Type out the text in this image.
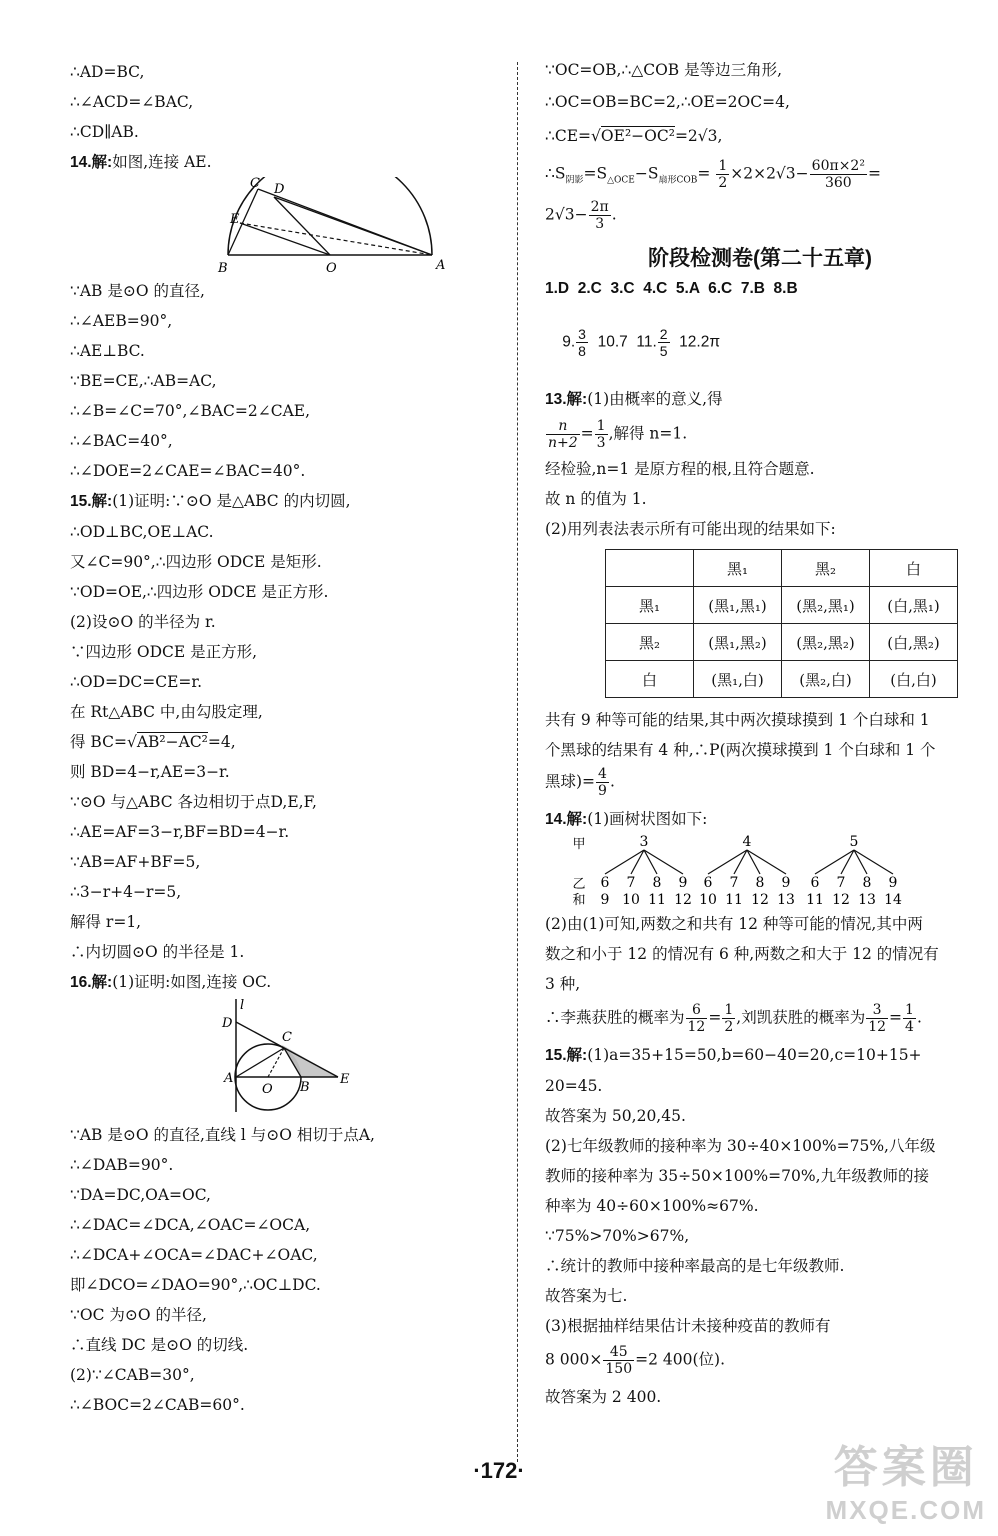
∴AD=BC,
∴∠ACD=∠BAC,
∴CD∥AB.
14.解:如图,连接 AE.
C D
E
B	O	A
∵AB 是⊙O 的直径,
∴∠AEB=90°,
∴AE⊥BC.
∵BE=CE,∴AB=AC,
∴∠B=∠C=70°,∠BAC=2∠CAE,
∴∠BAC=40°,
∴∠DOE=2∠CAE=∠BAC=40°.
15.解:(1)证明:∵⊙O 是△ABC 的内切圆,
∴OD⊥BC,OE⊥AC.
又∠C=90°,∴四边形 ODCE 是矩形.
∵OD=OE,∴四边形 ODCE 是正方形.
(2)设⊙O 的半径为 r.
∵四边形 ODCE 是正方形,
∴OD=DC=CE=r.
在 Rt△ABC 中,由勾股定理,
得 BC=√AB²−AC²=4,
则 BD=4−r,AE=3−r.
∵⊙O 与△ABC 各边相切于点D,E,F,
∴AE=AF=3−r,BF=BD=4−r.
∵AB=AF+BF=5,
∴3−r+4−r=5,
解得 r=1,
∴内切圆⊙O 的半径是 1.
16.解:(1)证明:如图,连接 OC.
l
D
C
A
O B
E
∵AB 是⊙O 的直径,直线 l 与⊙O 相切于点A,
∴∠DAB=90°.
∵DA=DC,OA=OC,
∴∠DAC=∠DCA,∠OAC=∠OCA,
∴∠DCA+∠OCA=∠DAC+∠OAC,
即∠DCO=∠DAO=90°,∴OC⊥DC.
∵OC 为⊙O 的半径,
∴直线 DC 是⊙O 的切线.
(2)∵∠CAB=30°,
∴∠BOC=2∠CAB=60°.
∵OC=OB,∴△COB 是等边三角形,
∴OC=OB=BC=2,∴OE=2OC=4,
∴CE=√OE²−OC²=2√3,
$\therefore S_{阴影}=S_{\triangle OCE}-S_{扇形COB}= \frac{1}{2} \times 2\times 2√3- \frac{\text{60π×2²}}{360}$ =
$2√3- \frac{2\pi}{3}$ .
阶段检测卷(第二十五章)
1.D  2.C  3.C  4.C  5.A  6.C  7.B  8.B

9. $\frac{3}{8} 10.7$  11. $\frac{2}{5} 12.2\pi$

13.解:(1)由概率的意义,得
$\frac{n}{n+2} = \frac{1}{3}$ ,解得 n=1.
经检验,n=1 是原方程的根,且符合题意.
故 n 的值为 1.
(2)用列表法表示所有可能出现的结果如下:
	黑₁	黑₂	白
黑₁	(黑₁,黑₁)	(黑₂,黑₁)	(白,黑₁)
黑₂	(黑₁,黑₂)	(黑₂,黑₂)	(白,黑₂)
白	(黑₁,白)	(黑₂,白)	(白,白)
共有 9 种等可能的结果,其中两次摸球摸到 1 个白球和 1
个黑球的结果有 4 种,∴P(两次摸球摸到 1 个白球和 1 个
黑球)= $\frac{4}{9}$ .
14.解:(1)画树状图如下:
甲
乙
和
3
6
9
7
10
8
11
9
12
4
6
10
7
11
8
12
9
13
5
6
11
7
12
8
13
9
14
(2)由(1)可知,两数之和共有 12 种等可能的情况,其中两
数之和小于 12 的情况有 6 种,两数之和大于 12 的情况有
3 种,
∴李燕获胜的概率为 $\frac{6}{12} = \frac{1}{2}$ ,刘凯获胜的概率为 $\frac{3}{12} = \frac{1}{4}$ .
15.解:(1)a=35+15=50,b=60−40=20,c=10+15+
20=45.
故答案为 50,20,45.
(2)七年级教师的接种率为 30÷40×100%=75%,八年级
教师的接种率为 35÷50×100%=70%,九年级教师的接
种率为 40÷60×100%≈67%.
∵75%>70%>67%,
∴统计的教师中接种率最高的是七年级教师.
故答案为七.
(3)根据抽样结果估计未接种疫苗的教师有
8 $000\times \frac{45}{150} =2$ 400(位).
故答案为 2 400.
·172·	答案圈
MXQE.COM
